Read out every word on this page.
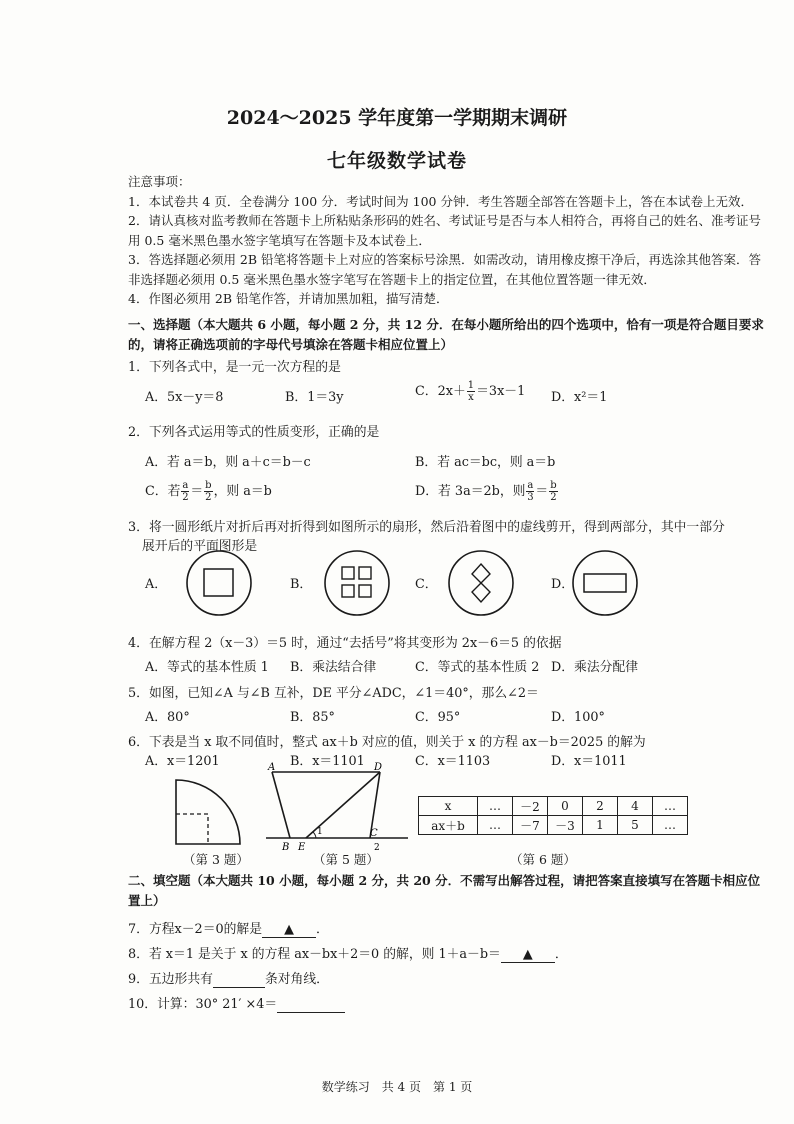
2024～2025 学年度第一学期期末调研
七年级数学试卷

注意事项：

1．本试卷共 4 页．全卷满分 100 分．考试时间为 100 分钟．考生答题全部答在答题卡上，答在本试卷上无效．

2．请认真核对监考教师在答题卡上所粘贴条形码的姓名、考试证号是否与本人相符合，再将自己的姓名、准考证号用 0.5 毫米黑色墨水签字笔填写在答题卡及本试卷上．

3．答选择题必须用 2B 铅笔将答题卡上对应的答案标号涂黑．如需改动，请用橡皮擦干净后，再选涂其他答案．答非选择题必须用 0.5 毫米黑色墨水签字笔写在答题卡上的指定位置，在其他位置答题一律无效．

4．作图必须用 2B 铅笔作答，并请加黑加粗，描写清楚．

一、选择题（本大题共 6 小题，每小题 2 分，共 12 分．在每小题所给出的四个选项中，恰有一项是符合题目要求的，请将正确选项前的字母代号填涂在答题卡相应位置上）
1．下列各式中，是一元一次方程的是
A．5x－y＝8	B．1＝3y	C．$2x+ \frac{1}{x} =3x-1$ D．x²＝1
2．下列各式运用等式的性质变形，正确的是
A．若 a＝b，则 a＋c＝b－c	B．若 ac＝bc，则 a＝b
C．若 $\frac{a}{2} = \frac{b}{2}$ ，则 a＝b	D．若 3a＝2b，则 $\frac{a}{3} = \frac{b}{2}$
3．将一圆形纸片对折后再对折得到如图所示的扇形，然后沿着图中的虚线剪开，得到两部分，其中一部分
展开后的平面图形是
A．	B．	C．	D．
4．在解方程 2（x－3）＝5 时，通过“去括号”将其变形为 2x－6＝5 的依据
A．等式的基本性质 1 B．乘法结合律	C．等式的基本性质 2 D．乘法分配律
5．如图，已知∠A 与∠B 互补，DE 平分∠ADC，∠1＝40°，那么∠2＝
A．80°	B．85°	C．95°	D．100°
6．下表是当 x 取不同值时，整式 ax＋b 对应的值，则关于 x 的方程 ax－b＝2025 的解为
A．x＝1201	B．x＝1101	C．x＝1103	D．x＝1011
（第 3 题）
A	D
B E
C
1
2
（第 5 题）
x	…	－2	0	2	4	…
ax＋b	…	－7	－3	1	5	…
（第 6 题）
二、填空题（本大题共 10 小题，每小题 2 分，共 20 分．不需写出解答过程，请把答案直接填写在答题卡相应位置上）
7．方程x－2＝0的解是 ▲ ．
8．若 x＝1 是关于 x 的方程 ax－bx＋2＝0 的解，则 1＋a－b＝ ▲ ．
9．五边形共有	条对角线．
10．计算：30° 21′ ×4＝
数学练习　共 4 页　第 1 页
